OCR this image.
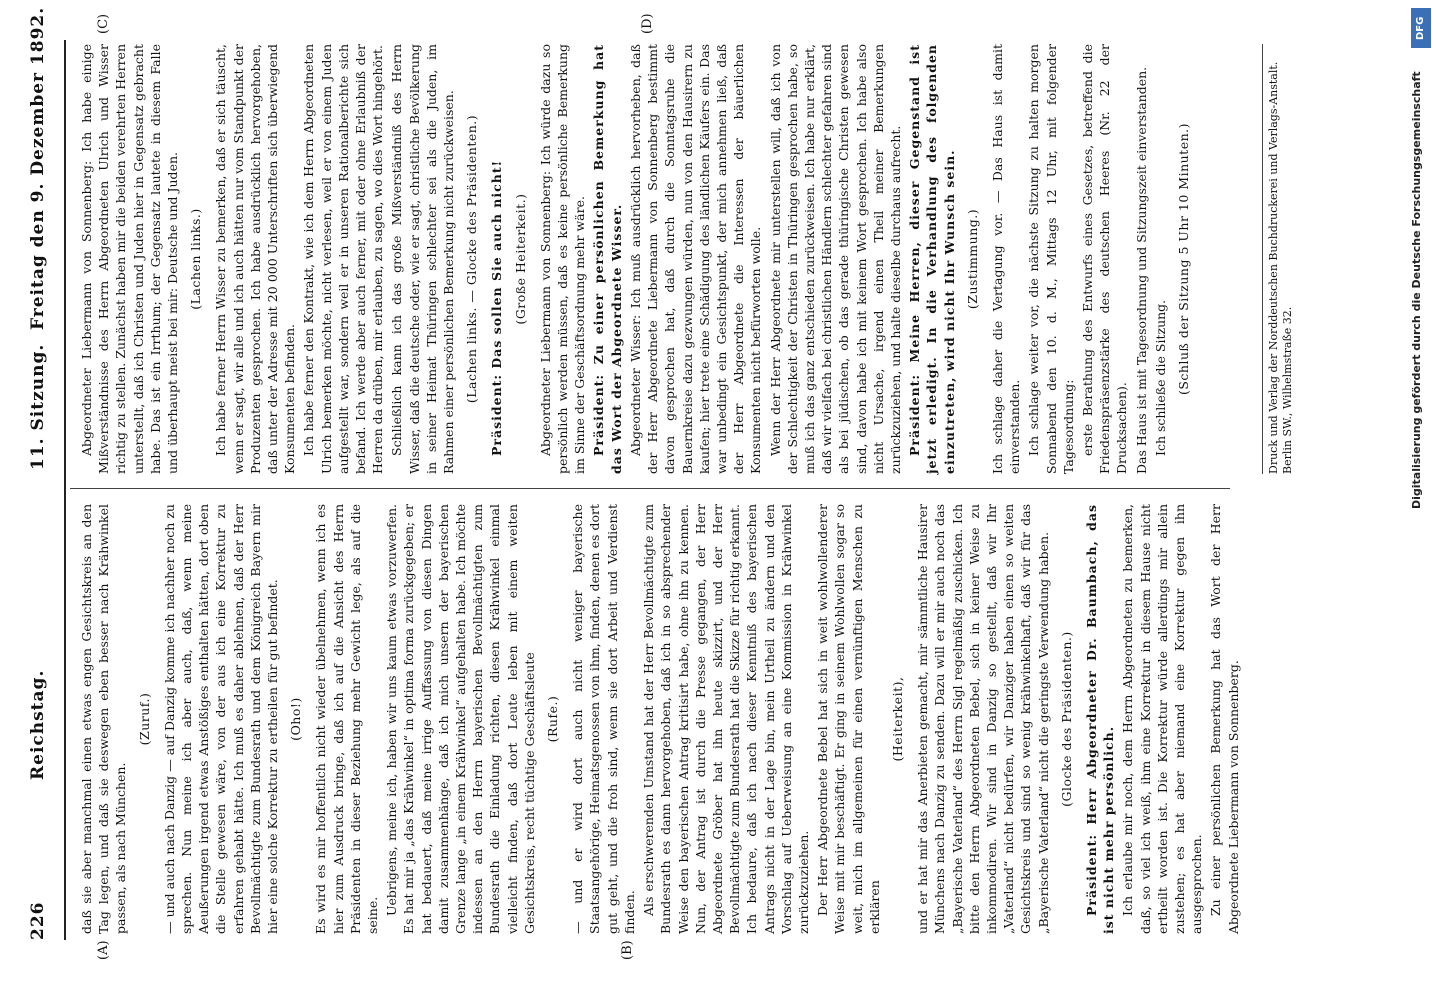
226
Reichstag.
11. Sitzung.
Freitag den 9. Dezember 1892.
(A)	(B)
(C)	(D)

daß sie aber manchmal einen etwas engen Gesichtskreis an den Tag legen, und daß sie deswegen eben besser nach Krähwinkel passen, als nach München.

(Zuruf.) — und auch nach Danzig — auf Danzig komme ich nachher noch zu sprechen. Nun meine ich aber auch, daß, wenn meine Aeußerungen irgend etwas Anstößiges enthalten hätten, dort oben die Stelle gewesen wäre, von der aus ich eine Korrektur zu erfahren gehabt hätte. Ich muß es daher ablehnen, daß der Herr Bevollmächtigte zum Bundesrath und dem Königreich Bayern mir hier eine solche Korrektur zu ertheilen für gut befindet. (Oho!) Es wird es mir hoffentlich nicht wieder übelnehmen, wenn ich es hier zum Ausdruck bringe, daß ich auf die Ansicht des Herrn Präsidenten in dieser Beziehung mehr Gewicht lege, als auf die seine. Uebrigens, meine ich, haben wir uns kaum etwas vorzuwerfen. Es hat mir ja „das Krähwinkel“ in optima forma zurückgegeben; er hat bedauert, daß meine irrige Auffassung von diesen Dingen damit zusammenhänge, daß ich mich unsern der bayerischen Grenze lange „in einem Krähwinkel“ aufgehalten habe. Ich möchte indessen an den Herrn bayerischen Bevollmächtigten zum Bundesrath die Einladung richten, diesen Krähwinkel einmal vielleicht finden, daß dort Leute leben mit einem weiten Gesichtskreis, recht tüchtige Geschäftsleute (Rufe.) — und er wird dort auch nicht weniger bayerische Staatsangehörige, Heimatsgenossen von ihm, finden, denen es dort gut geht, und die froh sind, wenn sie dort Arbeit und Verdienst finden. Als erschwerenden Umstand hat der Herr Bevollmächtigte zum Bundesrath es dann hervorgehoben, daß ich in so absprechender Weise den bayerischen Antrag kritisirt habe, ohne ihn zu kennen. Nun, der Antrag ist durch die Presse gegangen, der Herr Abgeordnete Gröber hat ihn heute skizzirt, und der Herr Bevollmächtigte zum Bundesrath hat die Skizze für richtig erkannt. Ich bedaure, daß ich nach dieser Kenntniß des bayerischen Antrags nicht in der Lage bin, mein Urtheil zu ändern und den Vorschlag auf Ueberweisung an eine Kommission in Krähwinkel zurückzuziehen. Der Herr Abgeordnete Bebel hat sich in weit wohlwollenderer Weise mit mir beschäftigt. Er ging in seinem Wohlwollen sogar so weit, mich im allgemeinen für einen vernünftigen Menschen zu erklären

(Heiterkeit), und er hat mir das Anerbieten gemacht, mir sämmtliche Hausirer Münchens nach Danzig zu senden. Dazu will er mir auch noch das „Bayerische Vaterland“ des Herrn Sigl regelmäßig zuschicken. Ich bitte den Herrn Abgeordneten Bebel, sich in keiner Weise zu inkommodiren. Wir sind in Danzig so gestellt, daß wir Ihr „Vaterland“ nicht bedürfen, wir Danziger haben einen so weiten Gesichtskreis und sind so wenig krähwinkelhaft, daß wir für das „Bayerische Vaterland“ nicht die geringste Verwendung haben. (Glocke des Präsidenten.) Präsident: Herr Abgeordneter Dr. Baumbach, das ist nicht mehr persönlich. Ich erlaube mir noch, dem Herrn Abgeordneten zu bemerken, daß, so viel ich weiß, ihm eine Korrektur in diesem Hause nicht ertheilt worden ist. Die Korrektur würde allerdings mir allein zustehen; es hat aber niemand eine Korrektur gegen ihn ausgesprochen. Zu einer persönlichen Bemerkung hat das Wort der Herr Abgeordnete Liebermann von Sonnenberg.

Abgeordneter Liebermann von Sonnenberg: Ich habe einige Mißverständnisse des Herrn Abgeordneten Ulrich und Wisser richtig zu stellen. Zunächst haben mir die beiden verehrten Herren unterstellt, daß ich Christen und Juden hier in Gegensatz gebracht habe. Das ist ein Irrthum; der Gegensatz lautete in diesem Falle und überhaupt meist bei mir: Deutsche und Juden. (Lachen links.) Ich habe ferner Herrn Wisser zu bemerken, daß er sich täuscht, wenn er sagt, wir alle und ich auch hätten nur vom Standpunkt der Produzenten gesprochen. Ich habe ausdrücklich hervorgehoben, daß unter der Adresse mit 20 000 Unterschriften sich überwiegend Konsumenten befinden. Ich habe ferner den Kontrakt, wie ich dem Herrn Abgeordneten Ulrich bemerken möchte, nicht verlesen, weil er von einem Juden aufgestellt war, sondern weil er in unseren Rationalberichte sich befand. Ich werde aber auch ferner, mit oder ohne Erlaubniß der Herren da drüben, mir erlauben, zu sagen, wo dies Wort hingehört. Schließlich kann ich das große Mißverständniß des Herrn Wisser, daß die deutsche oder, wie er sagt, christliche Bevölkerung in seiner Heimat Thüringen schlechter sei als die Juden, im Rahmen einer persönlichen Bemerkung nicht zurückweisen. (Lachen links. — Glocke des Präsidenten.) Präsident: Das sollen Sie auch nicht! (Große Heiterkeit.) Abgeordneter Liebermann von Sonnenberg: Ich würde dazu so persönlich werden müssen, daß es keine persönliche Bemerkung im Sinne der Geschäftsordnung mehr wäre. Präsident: Zu einer persönlichen Bemerkung hat das Wort der Abgeordnete Wisser. Abgeordneter Wisser: Ich muß ausdrücklich hervorheben, daß der Herr Abgeordnete Liebermann von Sonnenberg bestimmt davon gesprochen hat, daß durch die Sonntagsruhe die Bauernkreise dazu gezwungen würden, nun von den Hausirern zu kaufen; hier trete eine Schädigung des ländlichen Käufers ein. Das war unbedingt ein Gesichtspunkt, der mich annehmen ließ, daß der Herr Abgeordnete die Interessen der bäuerlichen Konsumenten nicht befürworten wolle. Wenn der Herr Abgeordnete mir unterstellen will, daß ich von der Schlechtigkeit der Christen in Thüringen gesprochen habe, so muß ich das ganz entschieden zurückweisen. Ich habe nur erklärt, daß wir vielfach bei christlichen Händlern schlechter gefahren sind als bei jüdischen, ob das gerade thüringische Christen gewesen sind, davon habe ich mit keinem Wort gesprochen. Ich habe also nicht Ursache, irgend einen Theil meiner Bemerkungen zurückzuziehen, und halte dieselbe durchaus aufrecht. Präsident: Meine Herren, dieser Gegenstand ist jetzt erledigt. In die Verhandlung des folgenden einzutreten, wird nicht Ihr Wunsch sein. (Zustimmung.) Ich schlage daher die Vertagung vor. — Das Haus ist damit einverstanden. Ich schlage weiter vor, die nächste Sitzung zu halten morgen Sonnabend den 10. d. M., Mittags 12 Uhr, mit folgender Tagesordnung: erste Berathung des Entwurfs eines Gesetzes, betreffend die Friedenspräsenzstärke des deutschen Heeres (Nr. 22 der Drucksachen). Das Haus ist mit Tagesordnung und Sitzungszeit einverstanden. Ich schließe die Sitzung. (Schluß der Sitzung 5 Uhr 10 Minuten.)	Druck und Verlag der Norddeutschen Buchdruckerei und Verlags-Anstalt. Berlin SW., Wilhelmstraße 32.	Digitalisierung gefördert durch die Deutsche Forschungsgemeinschaft
DFG
